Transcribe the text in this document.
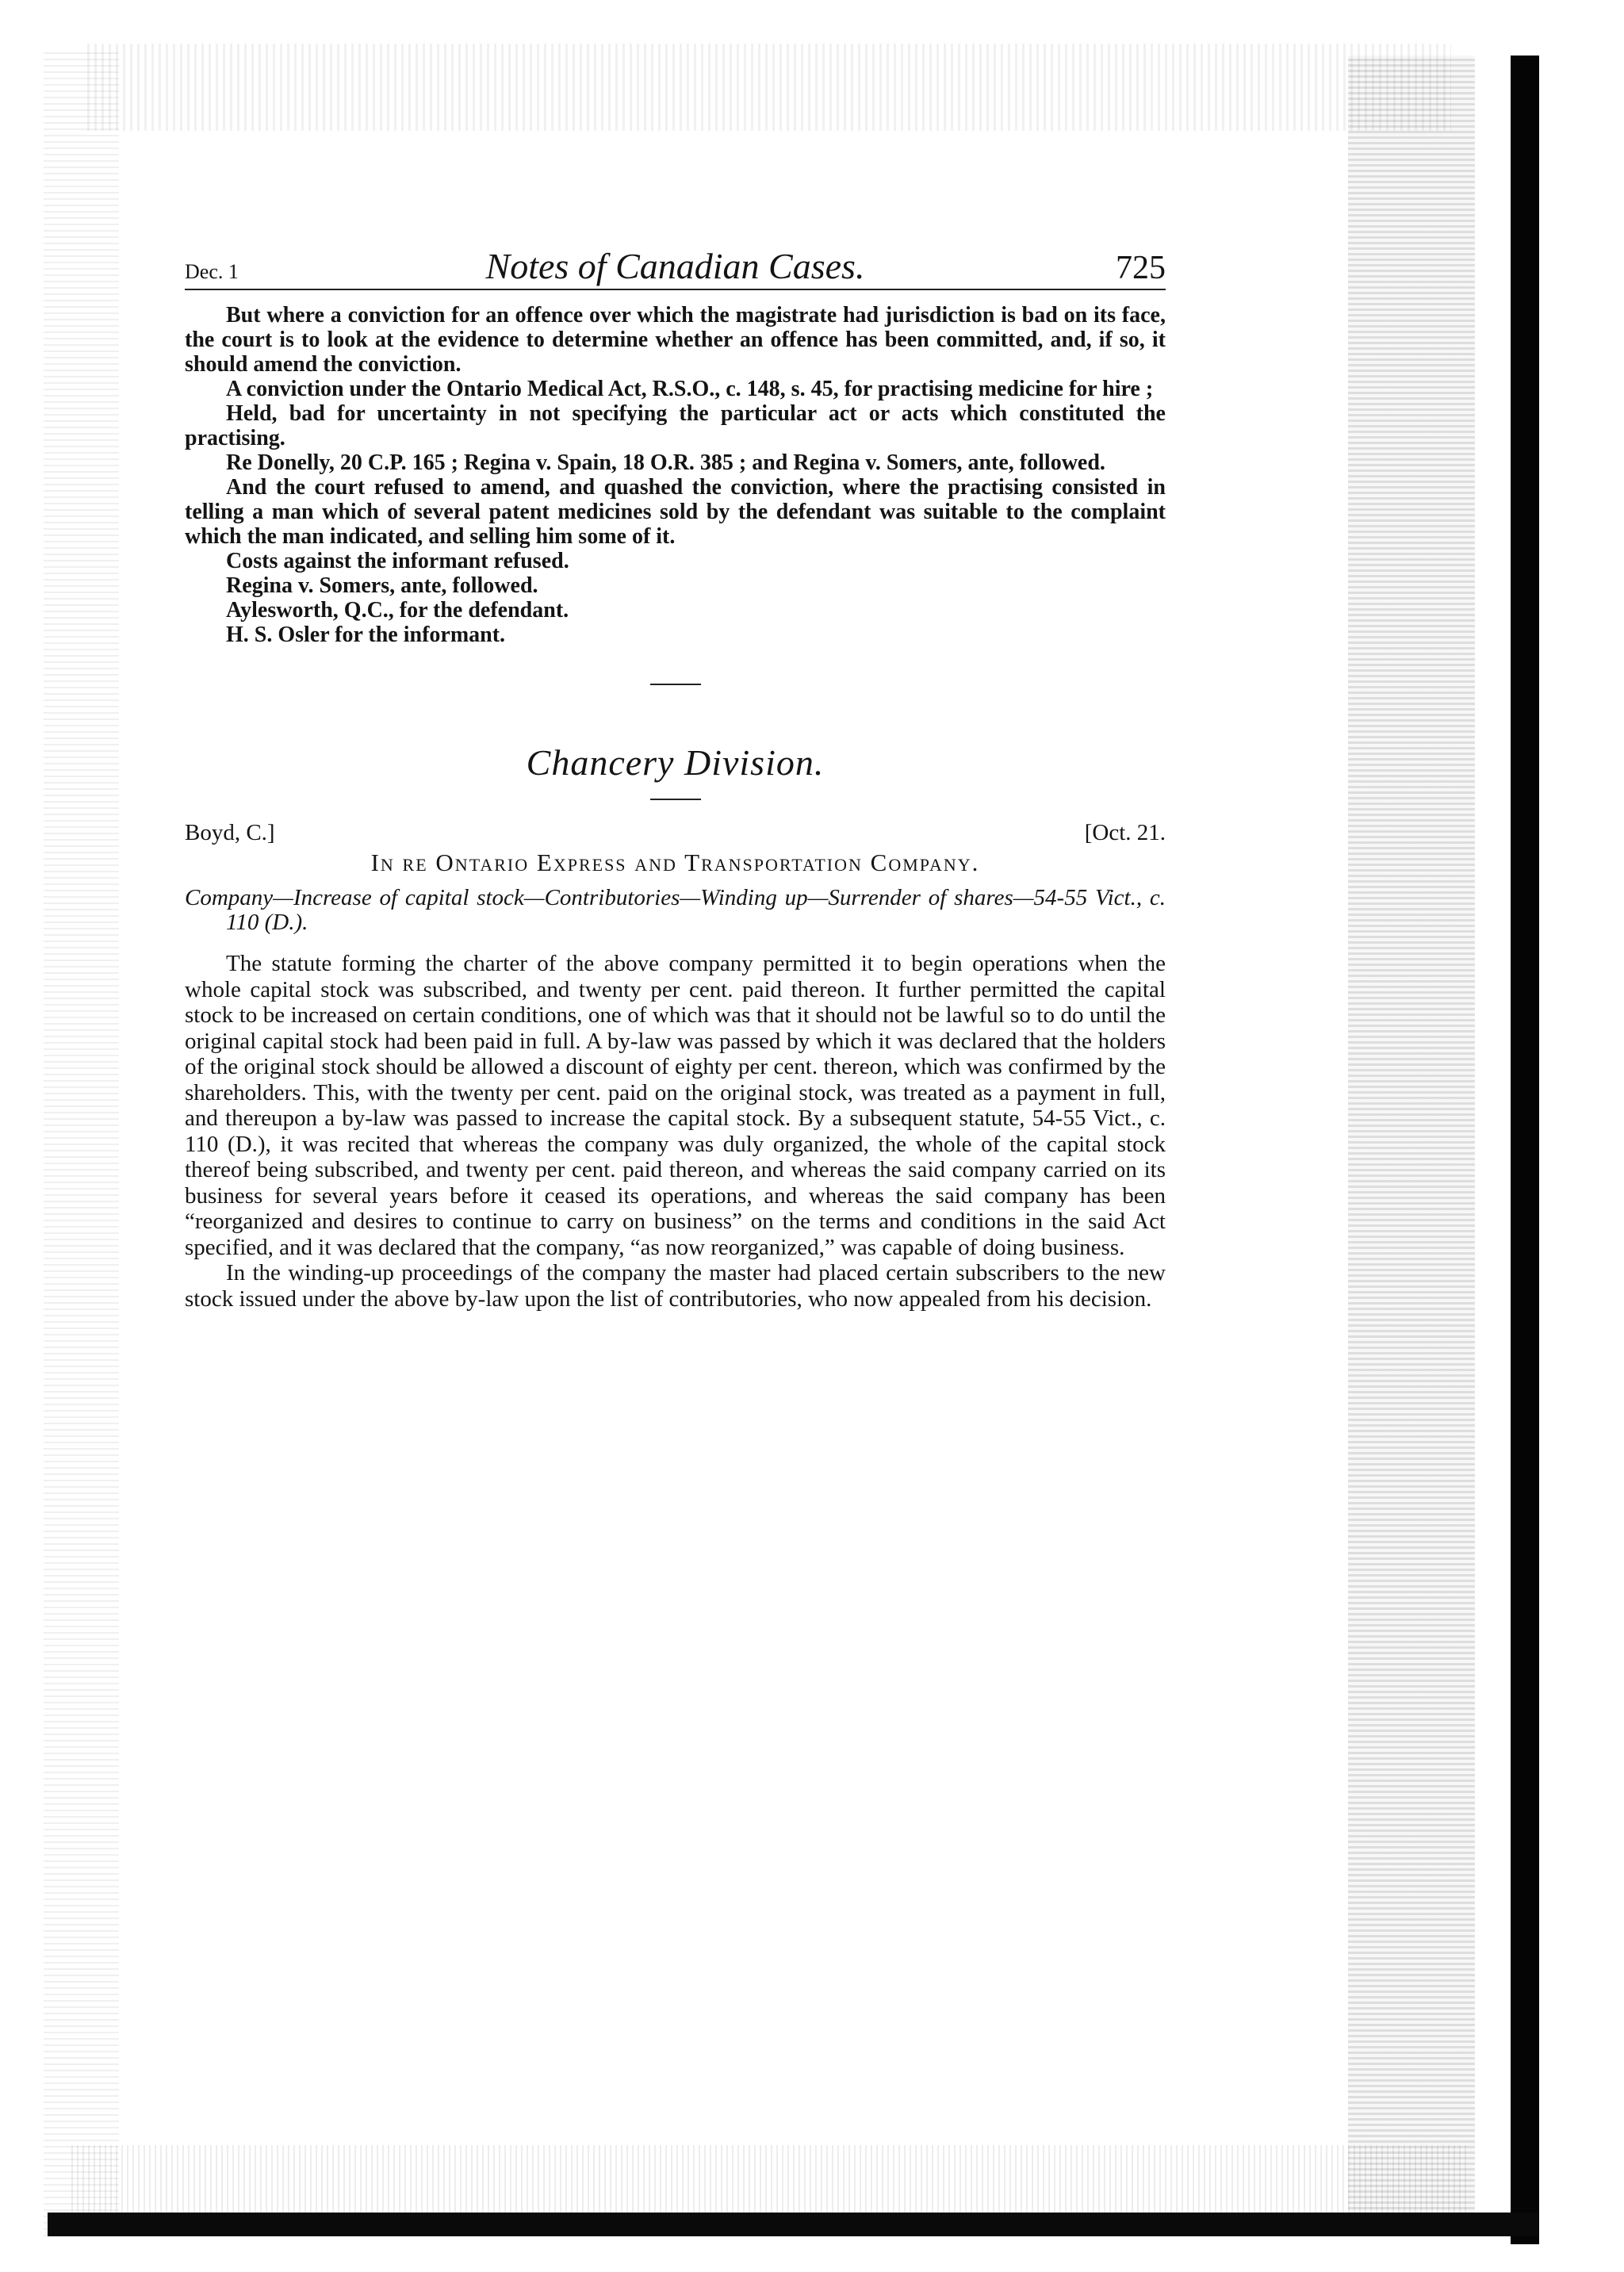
Dec. 1	Notes of Canadian Cases.	725

But where a conviction for an offence over which the magistrate had jurisdiction is bad on its face, the court is to look at the evidence to determine whether an offence has been committed, and, if so, it should amend the conviction.

A conviction under the Ontario Medical Act, R.S.O., c. 148, s. 45, for practising medicine for hire ;

Held, bad for uncertainty in not specifying the particular act or acts which constituted the practising.

Re Donelly, 20 C.P. 165 ; Regina v. Spain, 18 O.R. 385 ; and Regina v. Somers, ante, followed.

And the court refused to amend, and quashed the conviction, where the practising consisted in telling a man which of several patent medicines sold by the defendant was suitable to the complaint which the man indicated, and selling him some of it.

Costs against the informant refused.

Regina v. Somers, ante, followed.

Aylesworth, Q.C., for the defendant.

H. S. Osler for the informant.

Chancery Division.
Boyd, C.]	[Oct. 21.
In re Ontario Express and Transportation Company.

Company—Increase of capital stock—Contributories—Winding up—Surrender of shares—54-55 Vict., c. 110 (D.).

The statute forming the charter of the above company permitted it to begin operations when the whole capital stock was subscribed, and twenty per cent. paid thereon. It further permitted the capital stock to be increased on certain conditions, one of which was that it should not be lawful so to do until the original capital stock had been paid in full. A by-law was passed by which it was declared that the holders of the original stock should be allowed a discount of eighty per cent. thereon, which was confirmed by the shareholders. This, with the twenty per cent. paid on the original stock, was treated as a payment in full, and thereupon a by-law was passed to increase the capital stock. By a subsequent statute, 54-55 Vict., c. 110 (D.), it was recited that whereas the company was duly organized, the whole of the capital stock thereof being subscribed, and twenty per cent. paid thereon, and whereas the said company carried on its business for several years before it ceased its operations, and whereas the said company has been “reorganized and desires to continue to carry on business” on the terms and conditions in the said Act specified, and it was declared that the company, “as now reorganized,” was capable of doing business.

In the winding-up proceedings of the company the master had placed certain subscribers to the new stock issued under the above by-law upon the list of contributories, who now appealed from his decision.
